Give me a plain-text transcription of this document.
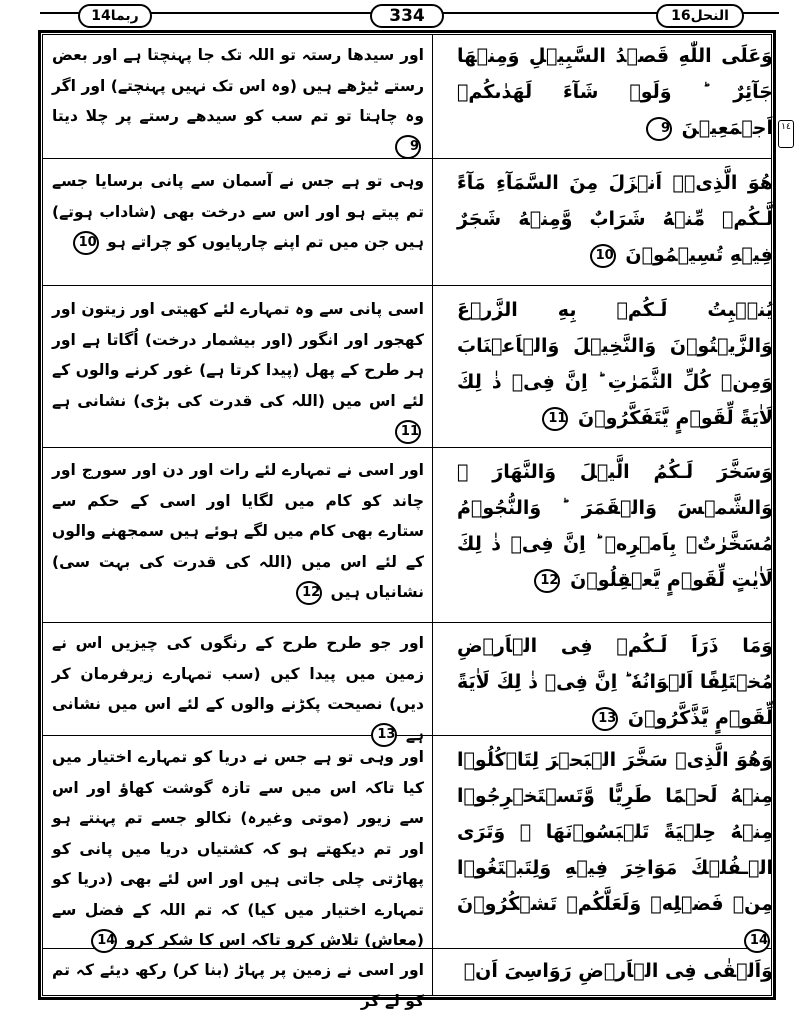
ربما14	334	النحل16
١٤
وَعَلَى اللّٰهِ قَصۡدُ السَّبِيۡلِ وَمِنۡهَا جَآئِرٌ ؕ وَلَوۡ شَآءَ لَهَدٰٮكُمۡ اَجۡمَعِيۡنَ 9
اور سیدھا رستہ تو اللہ تک جا پہنچتا ہے اور بعض رستے ٹیڑھے ہیں (وہ اس تک نہیں پہنچتے) اور اگر وہ چاہتا تو تم سب کو سیدھے رستے پر چلا دیتا 9
هُوَ الَّذِىۡۤ اَنۡزَلَ مِنَ السَّمَآءِ مَآءً لَّـكُمۡ مِّنۡهُ شَرَابٌ وَّمِنۡهُ شَجَرٌ فِيۡهِ تُسِيۡمُوۡنَ 10
وہی تو ہے جس نے آسمان سے پانی برسایا جسے تم پیتے ہو اور اس سے درخت بھی (شاداب ہوتے) ہیں جن میں تم اپنے چارپایوں کو چراتے ہو 10
يُنۡۢبِتُ لَـكُمۡ بِهِ الزَّرۡعَ وَالزَّيۡتُوۡنَ وَالنَّخِيۡلَ وَالۡاَعۡنَابَ وَمِنۡ كُلِّ الثَّمَرٰتِ ؕ اِنَّ فِىۡ ذٰ لِكَ لَاٰيَةً لِّقَوۡمٍ يَّتَفَكَّرُوۡنَ 11
اسی پانی سے وہ تمہارے لئے کھیتی اور زیتون اور کھجور اور انگور (اور بیشمار درخت) اُگاتا ہے اور ہر طرح کے پھل (پیدا کرتا ہے) غور کرنے والوں کے لئے اس میں (اللہ کی قدرت کی بڑی) نشانی ہے 11
وَسَخَّرَ لَـكُمُ الَّيۡلَ وَالنَّهَارَ ۙ وَالشَّمۡسَ وَالۡقَمَرَ ؕ وَالنُّجُوۡمُ مُسَخَّرٰتٌۢ بِاَمۡرِهٖ ؕ اِنَّ فِىۡ ذٰ لِكَ لَاٰيٰتٍ لِّقَوۡمٍ يَّعۡقِلُوۡنَ 12
اور اسی نے تمہارے لئے رات اور دن اور سورج اور چاند کو کام میں لگایا اور اسی کے حکم سے ستارے بھی کام میں لگے ہوئے ہیں سمجھنے والوں کے لئے اس میں (اللہ کی قدرت کی بہت سی) نشانیاں ہیں 12
وَمَا ذَرَاَ لَـكُمۡ فِى الۡاَرۡضِ مُخۡتَلِفًا اَلۡوَانُهٗ ؕ اِنَّ فِىۡ ذٰ لِكَ لَاٰيَةً لِّقَوۡمٍ يَّذَّكَّرُوۡنَ 13
اور جو طرح طرح کے رنگوں کی چیزیں اس نے زمین میں پیدا کیں (سب تمہارے زیرفرمان کر دیں) نصیحت پکڑنے والوں کے لئے اس میں نشانی ہے 13
وَهُوَ الَّذِىۡ سَخَّرَ الۡبَحۡرَ لِتَاۡكُلُوۡا مِنۡهُ لَحۡمًا طَرِيًّا وَّتَسۡتَخۡرِجُوۡا مِنۡهُ حِلۡيَةً تَلۡبَسُوۡنَهَا ۚ وَتَرَى الۡـفُلۡكَ مَوَاخِرَ فِيۡهِ وَلِتَبۡتَغُوۡا مِنۡ فَضۡلِهٖ وَلَعَلَّكُمۡ تَشۡكُرُوۡنَ 14
اور وہی تو ہے جس نے دریا کو تمہارے اختیار میں کیا تاکہ اس میں سے تازہ گوشت کھاؤ اور اس سے زیور (موتی وغیرہ) نکالو جسے تم پہنتے ہو اور تم دیکھتے ہو کہ کشتیاں دریا میں پانی کو پھاڑتی چلی جاتی ہیں اور اس لئے بھی (دریا کو تمہارے اختیار میں کیا) کہ تم اللہ کے فضل سے (معاش) تلاش کرو تاکہ اس کا شکر کرو 14
وَاَلۡقٰى فِى الۡاَرۡضِ رَوَاسِىَ اَنۡ
اور اسی نے زمین پر پہاڑ (بنا کر) رکھ دیئے کہ تم کو لے کر
